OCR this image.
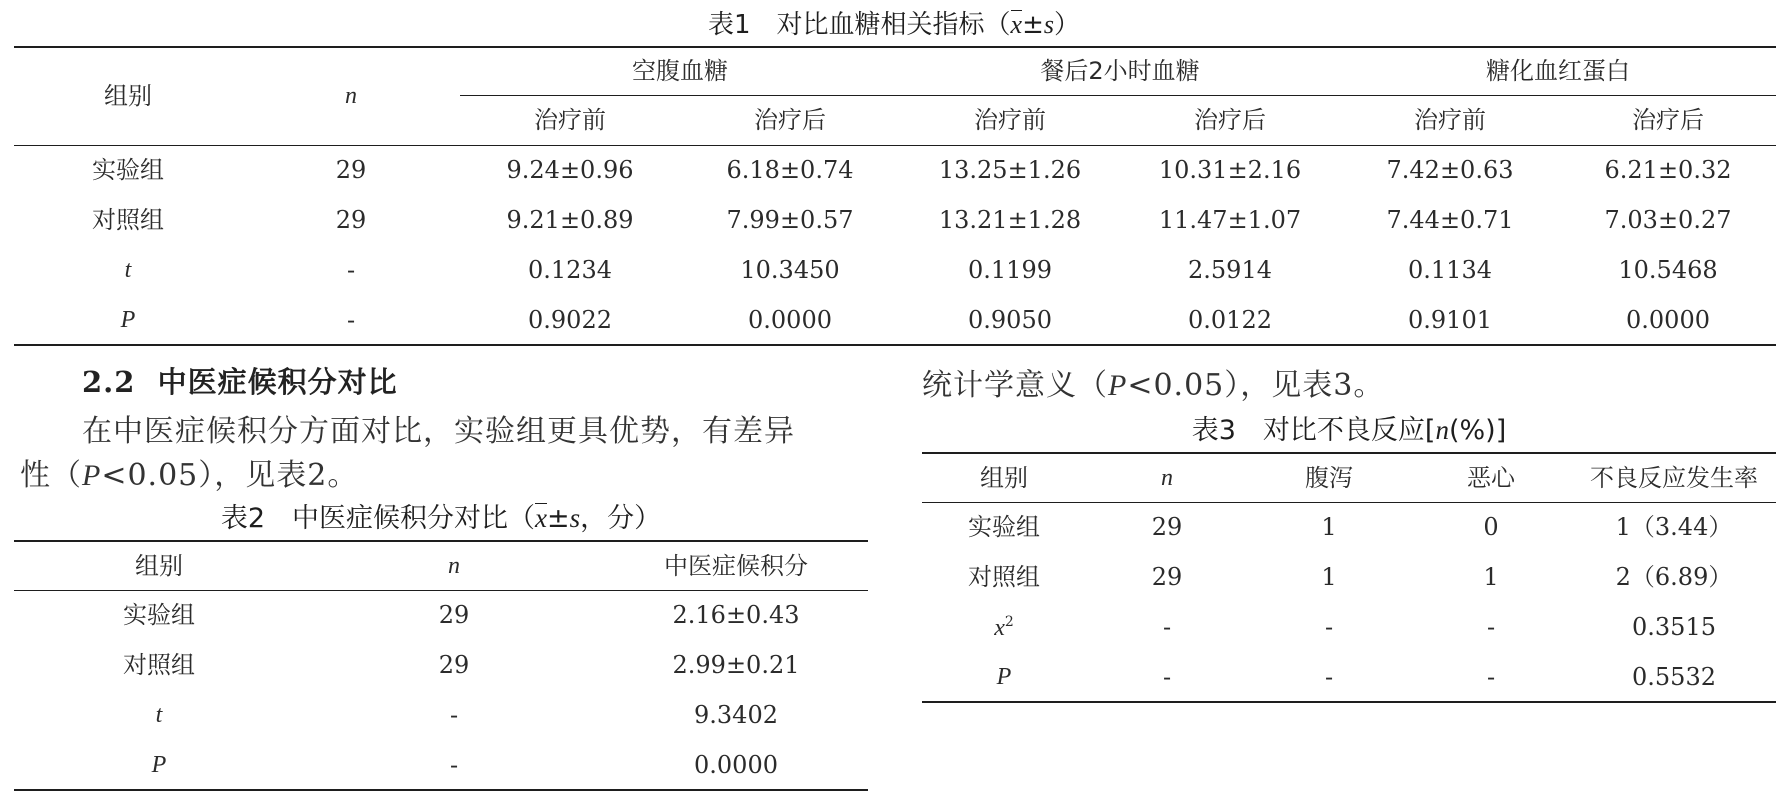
表1　对比血糖相关指标（x±s）
组别	n	空腹血糖		餐后2小时血糖		糖化血红蛋白	
		治疗前	治疗后	治疗前	治疗后	治疗前	治疗后
实验组	29	9.24±0.96	6.18±0.74	13.25±1.26	10.31±2.16	7.42±0.63	6.21±0.32
对照组	29	9.21±0.89	7.99±0.57	13.21±1.28	11.47±1.07	7.44±0.71	7.03±0.27
t	-	0.1234	10.3450	0.1199	2.5914	0.1134	10.5468
P	-	0.9022	0.0000	0.9050	0.0122	0.9101	0.0000
2.2 中医症候积分对比
在中医症候积分方面对比，实验组更具优势，有差异
性（P<0.05），见表2。
表2　中医症候积分对比（x±s，分）
组别	n	中医症候积分
实验组	29	2.16±0.43
对照组	29	2.99±0.21
t	-	9.3402
P	-	0.0000
统计学意义（P<0.05），见表3。
表3　对比不良反应[n(%)]
组别	n	腹泻	恶心	不良反应发生率
实验组	29	1	0	1（3.44）
对照组	29	1	1	2（6.89）
$x^2$	-	-	-	0.3515
P	-	-	-	0.5532
